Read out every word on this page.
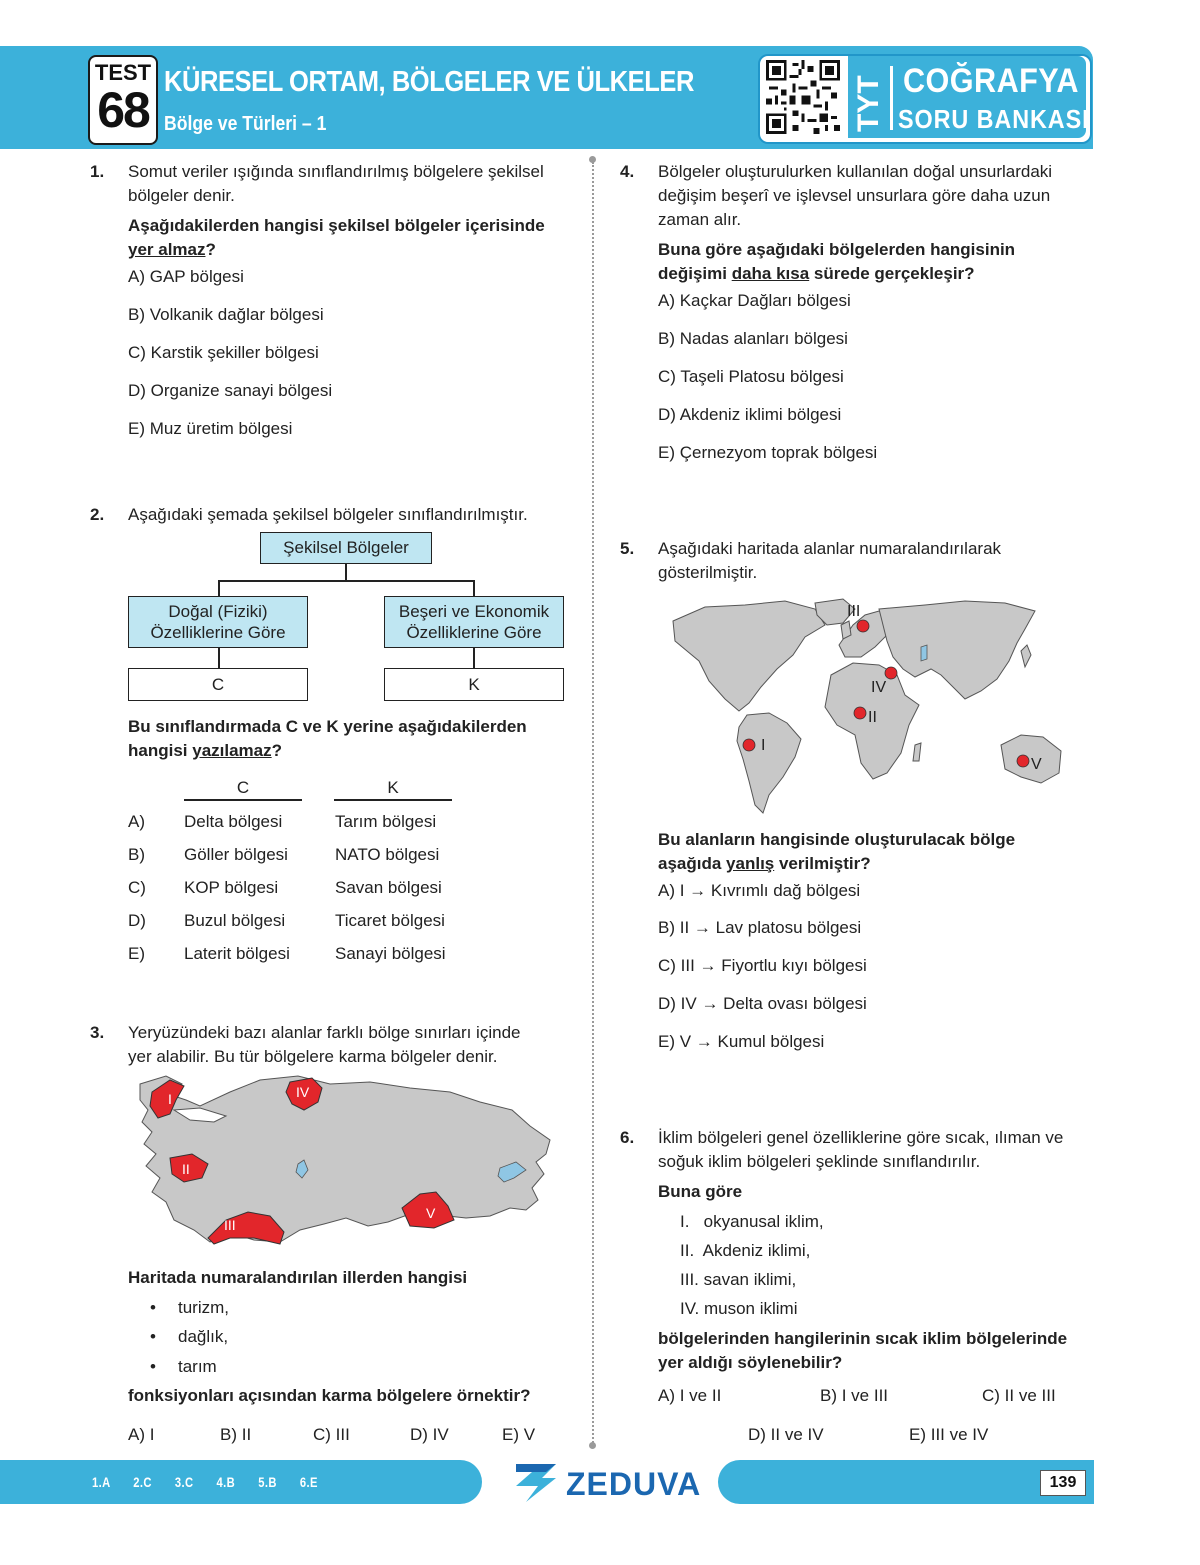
TEST
68 KÜRESEL ORTAM, BÖLGELER VE ÜLKELER
Bölge ve Türleri – 1	TYT COĞRAFYA
SORU BANKASI
1. Somut veriler ışığında sınıflandırılmış bölgelere şekilsel
bölgeler denir.
Aşağıdakilerden hangisi şekilsel bölgeler içerisinde
yer almaz?
A) GAP bölgesi
B) Volkanik dağlar bölgesi
C) Karstik şekiller bölgesi
D) Organize sanayi bölgesi
E) Muz üretim bölgesi
2. Aşağıdaki şemada şekilsel bölgeler sınıflandırılmıştır.
Şekilsel Bölgeler
Doğal (Fiziki)
Özelliklerine Göre
Beşeri ve Ekonomik
Özelliklerine Göre
C	K
Bu sınıflandırmada C ve K yerine aşağıdakilerden
hangisi yazılamaz?
C	K
A) Delta bölgesi	Tarım bölgesi
B) Göller bölgesi	NATO bölgesi
C) KOP bölgesi	Savan bölgesi
D) Buzul bölgesi	Ticaret bölgesi
E) Laterit bölgesi	Sanayi bölgesi
3. Yeryüzündeki bazı alanlar farklı bölge sınırları içinde
yer alabilir. Bu tür bölgelere karma bölgeler denir.
I	IV
II
III
V
Haritada numaralandırılan illerden hangisi
• turizm,
• dağlık,
• tarım
fonksiyonları açısından karma bölgelere örnektir?
A) I	B) II	C) III	D) IV	E) V
4. Bölgeler oluşturulurken kullanılan doğal unsurlardaki
değişim beşerî ve işlevsel unsurlara göre daha uzun
zaman alır.
Buna göre aşağıdaki bölgelerden hangisinin
değişimi daha kısa sürede gerçekleşir?
A) Kaçkar Dağları bölgesi
B) Nadas alanları bölgesi
C) Taşeli Platosu bölgesi
D) Akdeniz iklimi bölgesi
E) Çernezyom toprak bölgesi
5. Aşağıdaki haritada alanlar numaralandırılarak
gösterilmiştir.
I
II
III
IV
V
Bu alanların hangisinde oluşturulacak bölge
aşağıda yanlış verilmiştir?
A) I → Kıvrımlı dağ bölgesi
B) II → Lav platosu bölgesi
C) III → Fiyortlu kıyı bölgesi
D) IV → Delta ovası bölgesi
E) V → Kumul bölgesi
6. İklim bölgeleri genel özelliklerine göre sıcak, ılıman ve
soğuk iklim bölgeleri şeklinde sınıflandırılır.
Buna göre
I.   okyanusal iklim,
II.  Akdeniz iklimi,
III. savan iklimi,
IV. muson iklimi
bölgelerinden hangilerinin sıcak iklim bölgelerinde
yer aldığı söylenebilir?
A) I ve II	B) I ve III	C) II ve III
D) II ve IV	E) III ve IV
1.A  2.C  3.C  4.B  5.B  6.E	ZEDUVA	139
